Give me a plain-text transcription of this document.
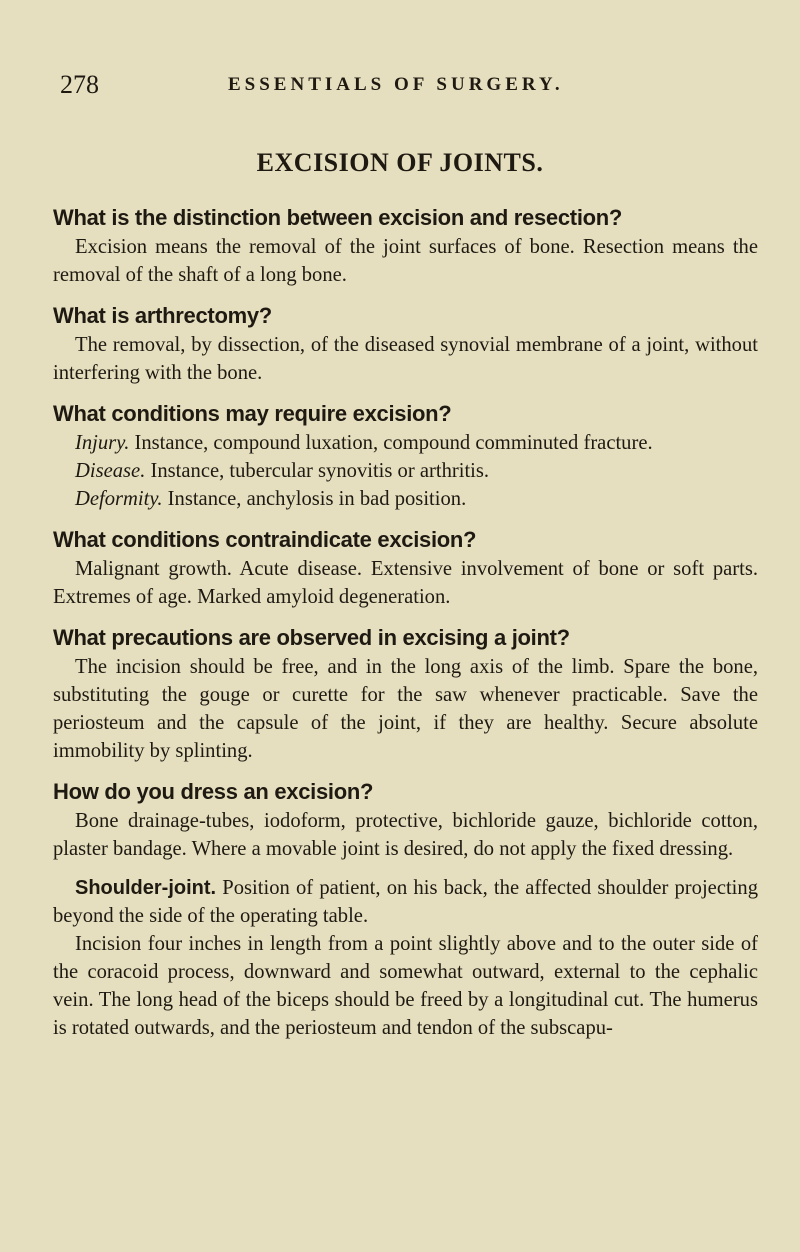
278	ESSENTIALS OF SURGERY.
EXCISION OF JOINTS.

What is the distinction between excision and resection?

Excision means the removal of the joint surfaces of bone. Resection means the removal of the shaft of a long bone.

What is arthrectomy?

The removal, by dissection, of the diseased synovial membrane of a joint, without interfering with the bone.

What conditions may require excision?

Injury. Instance, compound luxation, compound comminuted fracture.

Disease. Instance, tubercular synovitis or arthritis.

Deformity. Instance, anchylosis in bad position.

What conditions contraindicate excision?

Malignant growth. Acute disease. Extensive involvement of bone or soft parts. Extremes of age. Marked amyloid degeneration.

What precautions are observed in excising a joint?

The incision should be free, and in the long axis of the limb. Spare the bone, substituting the gouge or curette for the saw whenever practicable. Save the periosteum and the capsule of the joint, if they are healthy. Secure absolute immobility by splinting.

How do you dress an excision?

Bone drainage-tubes, iodoform, protective, bichloride gauze, bichloride cotton, plaster bandage. Where a movable joint is desired, do not apply the fixed dressing.

Shoulder-joint. Position of patient, on his back, the affected shoulder projecting beyond the side of the operating table.

Incision four inches in length from a point slightly above and to the outer side of the coracoid process, downward and somewhat outward, external to the cephalic vein. The long head of the biceps should be freed by a longitudinal cut. The humerus is rotated outwards, and the periosteum and tendon of the subscapu-
